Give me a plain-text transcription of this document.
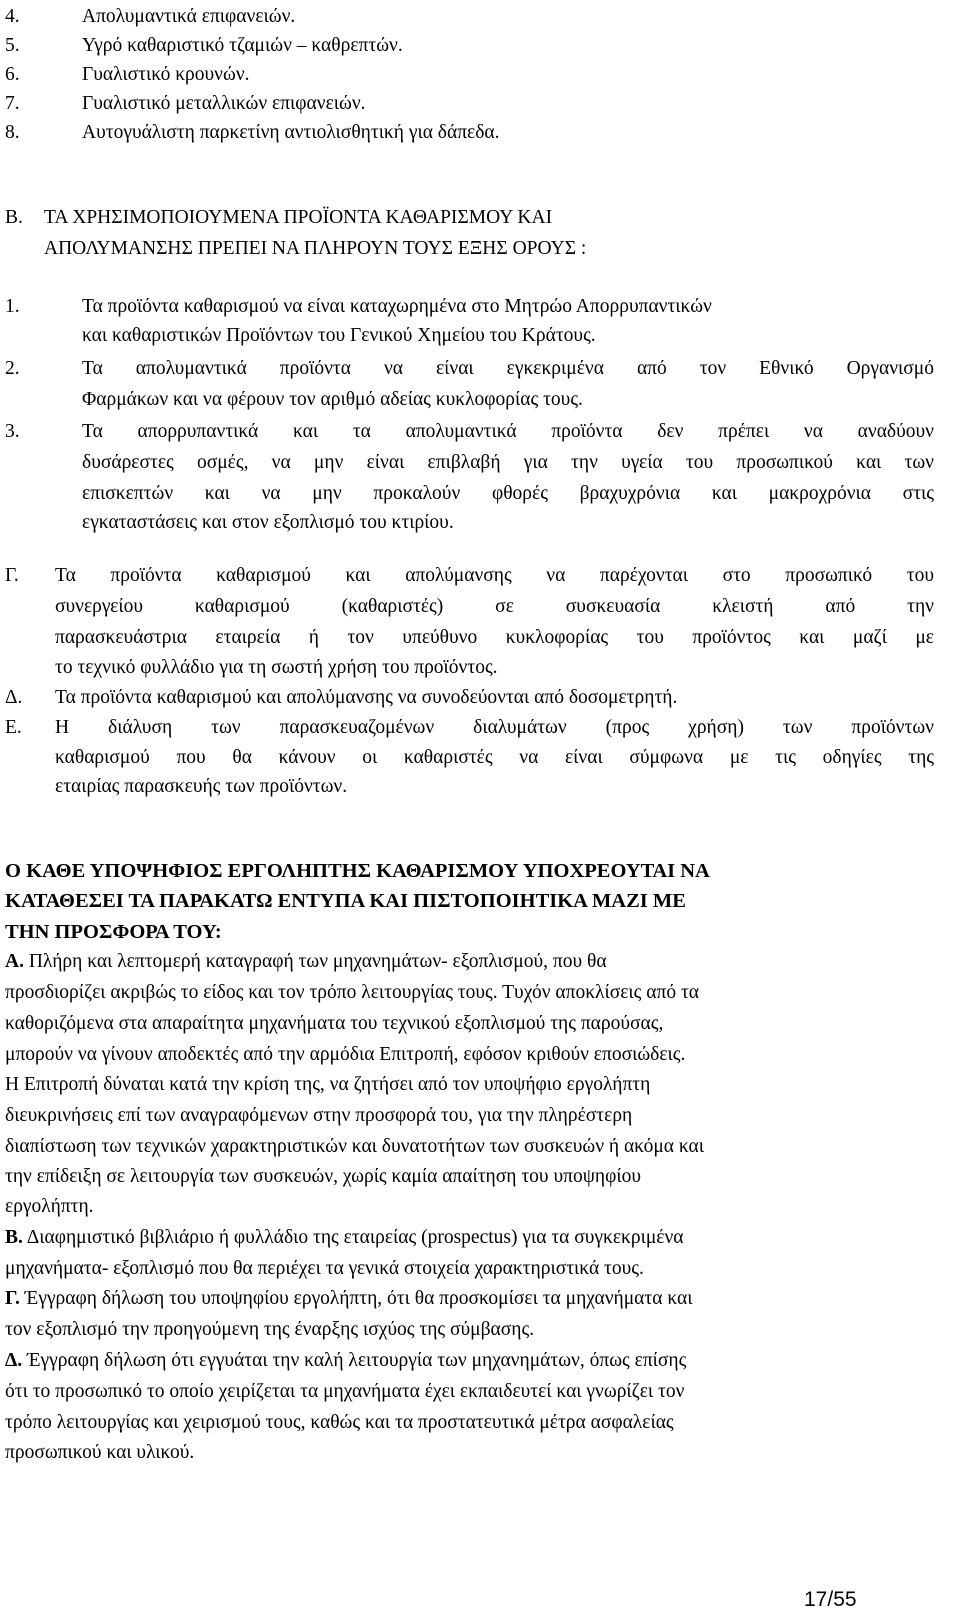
4.	Απολυμαντικά επιφανειών.
5.	Υγρό καθαριστικό τζαμιών – καθρεπτών.
6.	Γυαλιστικό κρουνών.
7.	Γυαλιστικό μεταλλικών επιφανειών.
8.	Αυτογυάλιστη παρκετίνη αντιολισθητική για δάπεδα.
Β. ΤΑ ΧΡΗΣΙΜΟΠΟΙΟΥΜΕΝΑ ΠΡΟΪΟΝΤΑ ΚΑΘΑΡΙΣΜΟΥ ΚΑΙ
ΑΠΟΛΥΜΑΝΣΗΣ ΠΡΕΠΕΙ ΝΑ ΠΛΗΡΟΥΝ ΤΟΥΣ ΕΞΗΣ ΟΡΟΥΣ :
1.	Τα προϊόντα καθαρισμού να είναι καταχωρημένα στο Μητρώο Απορρυπαντικών
και καθαριστικών Προϊόντων του Γενικού Χημείου του Κράτους.
2.	Τα απολυμαντικά προϊόντα να είναι εγκεκριμένα από τον Εθνικό Οργανισμό
Φαρμάκων και να φέρουν τον αριθμό αδείας κυκλοφορίας τους.
3.	Τα απορρυπαντικά και τα απολυμαντικά προϊόντα δεν πρέπει να αναδύουν
δυσάρεστες οσμές, να μην είναι επιβλαβή για την υγεία του προσωπικού και των
επισκεπτών και να μην προκαλούν φθορές βραχυχρόνια και μακροχρόνια στις
εγκαταστάσεις και στον εξοπλισμό του κτιρίου.
Γ. Τα προϊόντα καθαρισμού και απολύμανσης να παρέχονται στο προσωπικό του
συνεργείου καθαρισμού (καθαριστές) σε συσκευασία κλειστή από την
παρασκευάστρια εταιρεία ή τον υπεύθυνο κυκλοφορίας του προϊόντος και μαζί με
το τεχνικό φυλλάδιο για τη σωστή χρήση του προϊόντος.
Δ. Τα προϊόντα καθαρισμού και απολύμανσης να συνοδεύονται από δοσομετρητή.
Ε. Η διάλυση των παρασκευαζομένων διαλυμάτων (προς χρήση) των προϊόντων
καθαρισμού που θα κάνουν οι καθαριστές να είναι σύμφωνα με τις οδηγίες της
εταιρίας παρασκευής των προϊόντων.
Ο ΚΑΘΕ ΥΠΟΨΗΦΙΟΣ ΕΡΓΟΛΗΠΤΗΣ ΚΑΘΑΡΙΣΜΟΥ ΥΠΟΧΡΕΟΥΤΑΙ ΝΑ
ΚΑΤΑΘΕΣΕΙ ΤΑ ΠΑΡΑΚΑΤΩ ΕΝΤΥΠΑ ΚΑΙ ΠΙΣΤΟΠΟΙΗΤΙΚΑ ΜΑΖΙ ΜΕ
ΤΗΝ ΠΡΟΣΦΟΡΑ ΤΟΥ:
Α. Πλήρη και λεπτομερή καταγραφή των μηχανημάτων- εξοπλισμού, που θα
προσδιορίζει ακριβώς το είδος και τον τρόπο λειτουργίας τους. Τυχόν αποκλίσεις από τα
καθοριζόμενα στα απαραίτητα μηχανήματα του τεχνικού εξοπλισμού της παρούσας,
μπορούν να γίνουν αποδεκτές από την αρμόδια Επιτροπή, εφόσον κριθούν εποσιώδεις.
Η Επιτροπή δύναται κατά την κρίση της, να ζητήσει από τον υποψήφιο εργολήπτη
διευκρινήσεις επί των αναγραφόμενων στην προσφορά του, για την πληρέστερη
διαπίστωση των τεχνικών χαρακτηριστικών και δυνατοτήτων των συσκευών ή ακόμα και
την επίδειξη σε λειτουργία των συσκευών, χωρίς καμία απαίτηση του υποψηφίου
εργολήπτη.
Β. Διαφημιστικό βιβλιάριο ή φυλλάδιο της εταιρείας (prospectus) για τα συγκεκριμένα
μηχανήματα- εξοπλισμό που θα περιέχει τα γενικά στοιχεία χαρακτηριστικά τους.
Γ. Έγγραφη δήλωση του υποψηφίου εργολήπτη, ότι θα προσκομίσει τα μηχανήματα και
τον εξοπλισμό την προηγούμενη της έναρξης ισχύος της σύμβασης.
Δ. Έγγραφη δήλωση ότι εγγυάται την καλή λειτουργία των μηχανημάτων, όπως επίσης
ότι το προσωπικό το οποίο χειρίζεται τα μηχανήματα έχει εκπαιδευτεί και γνωρίζει τον
τρόπο λειτουργίας και χειρισμού τους, καθώς και τα προστατευτικά μέτρα ασφαλείας
προσωπικού και υλικού.
17/55
